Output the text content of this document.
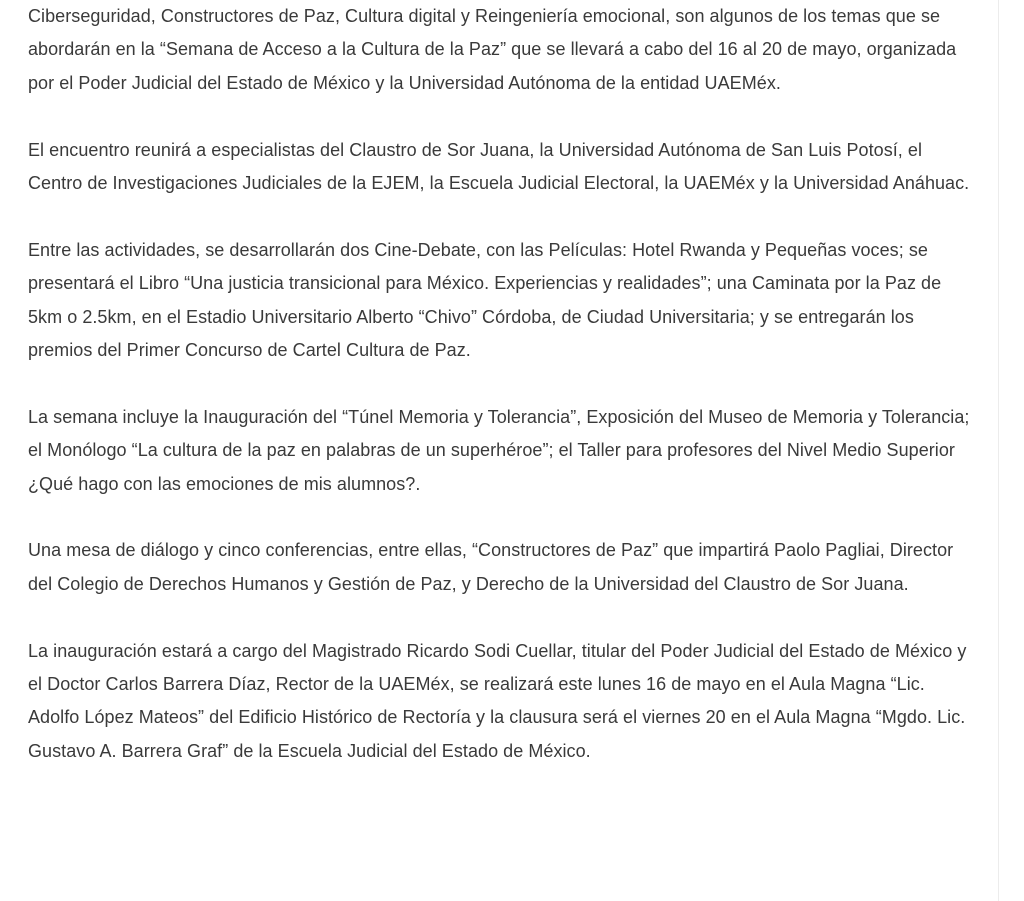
Ciberseguridad, Constructores de Paz, Cultura digital y Reingeniería emocional, son algunos de los temas que se abordarán en la “Semana de Acceso a la Cultura de la Paz” que se llevará a cabo del 16 al 20 de mayo, organizada por el Poder Judicial del Estado de México y la Universidad Autónoma de la entidad UAEMéx.

El encuentro reunirá a especialistas del Claustro de Sor Juana, la Universidad Autónoma de San Luis Potosí, el Centro de Investigaciones Judiciales de la EJEM, la Escuela Judicial Electoral, la UAEMéx y la Universidad Anáhuac.

Entre las actividades, se desarrollarán dos Cine-Debate, con las Películas: Hotel Rwanda y Pequeñas voces; se presentará el Libro “Una justicia transicional para México. Experiencias y realidades”; una Caminata por la Paz de 5km o 2.5km, en el Estadio Universitario Alberto “Chivo” Córdoba, de Ciudad Universitaria; y se entregarán los premios del Primer Concurso de Cartel Cultura de Paz.

La semana incluye la Inauguración del “Túnel Memoria y Tolerancia”, Exposición del Museo de Memoria y Tolerancia; el Monólogo “La cultura de la paz en palabras de un superhéroe”; el Taller para profesores del Nivel Medio Superior ¿Qué hago con las emociones de mis alumnos?.

Una mesa de diálogo y cinco conferencias, entre ellas, “Constructores de Paz” que impartirá Paolo Pagliai, Director del Colegio de Derechos Humanos y Gestión de Paz, y Derecho de la Universidad del Claustro de Sor Juana.

La inauguración estará a cargo del Magistrado Ricardo Sodi Cuellar, titular del Poder Judicial del Estado de México y el Doctor Carlos Barrera Díaz, Rector de la UAEMéx, se realizará este lunes 16 de mayo en el Aula Magna “Lic. Adolfo López Mateos” del Edificio Histórico de Rectoría y la clausura será el viernes 20 en el Aula Magna “Mgdo. Lic. Gustavo A. Barrera Graf” de la Escuela Judicial del Estado de México.
